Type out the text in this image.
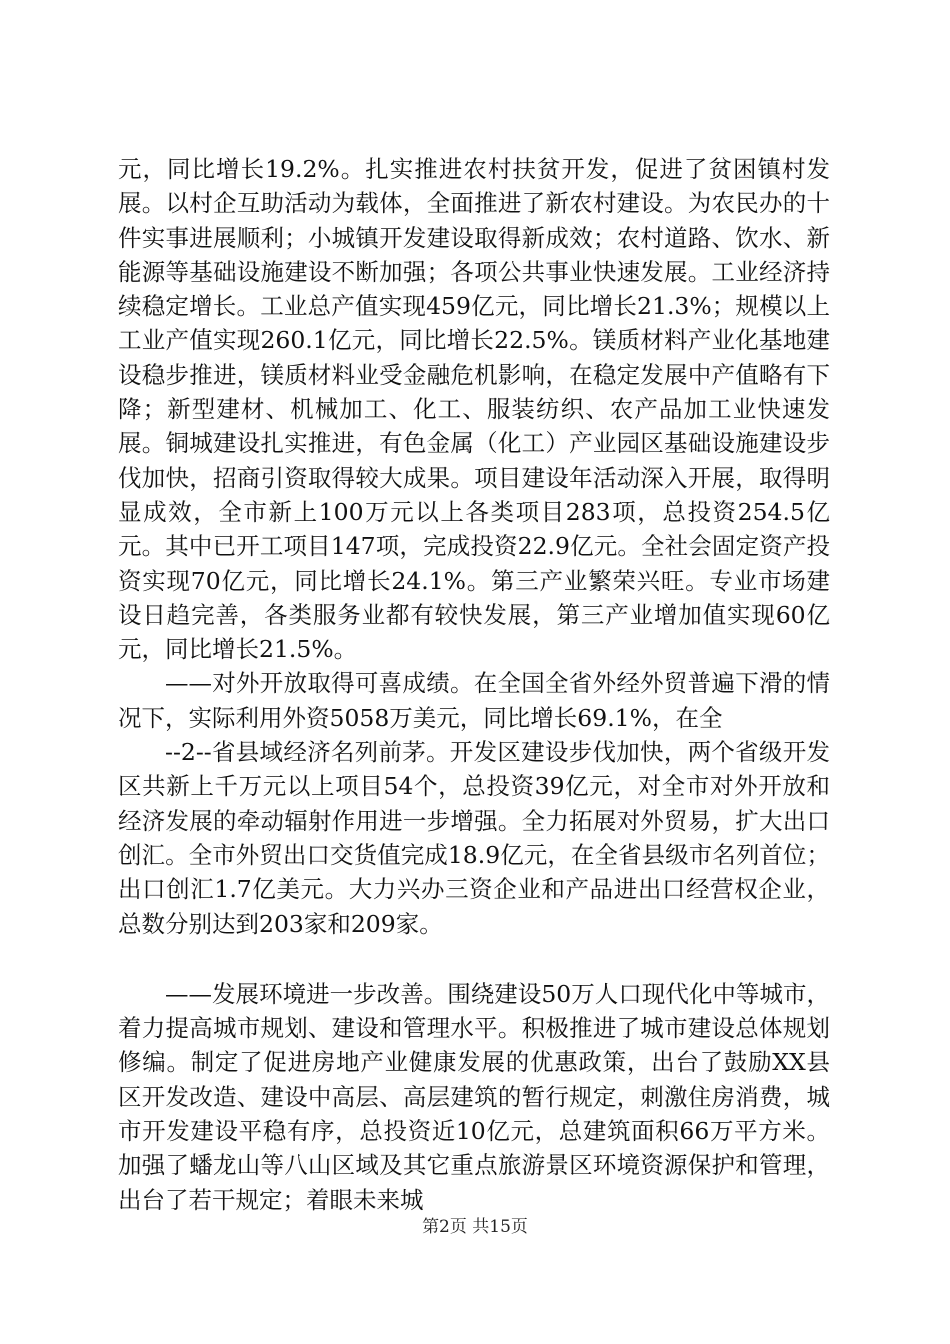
元，同比增长19.2%。扎实推进农村扶贫开发，促进了贫困镇村发展。以村企互助活动为载体，全面推进了新农村建设。为农民办的十件实事进展顺利；小城镇开发建设取得新成效；农村道路、饮水、新能源等基础设施建设不断加强；各项公共事业快速发展。工业经济持续稳定增长。工业总产值实现459亿元，同比增长21.3%；规模以上工业产值实现260.1亿元，同比增长22.5%。镁质材料产业化基地建设稳步推进，镁质材料业受金融危机影响，在稳定发展中产值略有下降；新型建材、机械加工、化工、服装纺织、农产品加工业快速发展。铜城建设扎实推进，有色金属（化工）产业园区基础设施建设步伐加快，招商引资取得较大成果。项目建设年活动深入开展，取得明显成效，全市新上100万元以上各类项目283项，总投资254.5亿元。其中已开工项目147项，完成投资22.9亿元。全社会固定资产投资实现70亿元，同比增长24.1%。第三产业繁荣兴旺。专业市场建设日趋完善，各类服务业都有较快发展，第三产业增加值实现60亿元，同比增长21.5%。

——对外开放取得可喜成绩。在全国全省外经外贸普遍下滑的情况下，实际利用外资5058万美元，同比增长69.1%，在全

--2--省县域经济名列前茅。开发区建设步伐加快，两个省级开发区共新上千万元以上项目54个，总投资39亿元，对全市对外开放和经济发展的牵动辐射作用进一步增强。全力拓展对外贸易，扩大出口创汇。全市外贸出口交货值完成18.9亿元，在全省县级市名列首位；出口创汇1.7亿美元。大力兴办三资企业和产品进出口经营权企业，总数分别达到203家和209家。

——发展环境进一步改善。围绕建设50万人口现代化中等城市，着力提高城市规划、建设和管理水平。积极推进了城市建设总体规划修编。制定了促进房地产业健康发展的优惠政策，出台了鼓励XX县区开发改造、建设中高层、高层建筑的暂行规定，刺激住房消费，城市开发建设平稳有序，总投资近10亿元，总建筑面积66万平方米。加强了蟠龙山等八山区域及其它重点旅游景区环境资源保护和管理，出台了若干规定；着眼未来城

第2页 共15页
